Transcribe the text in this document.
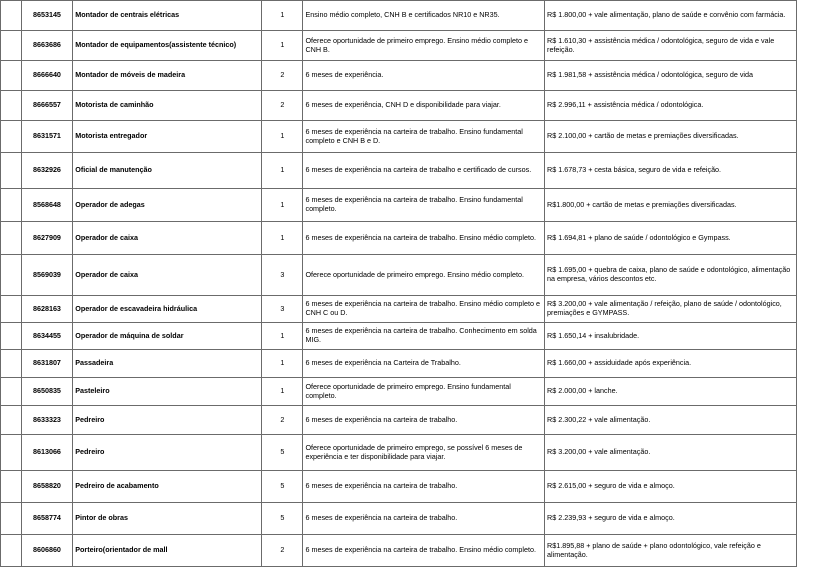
	8653145	Montador de centrais elétricas	1	Ensino médio completo, CNH B e certificados NR10 e NR35.	R$ 1.800,00 + vale alimentação, plano de saúde e convênio com farmácia.
	8663686	Montador de equipamentos(assistente técnico)	1	Oferece oportunidade de primeiro emprego. Ensino médio completo e CNH B.	R$ 1.610,30 + assistência médica / odontológica, seguro de vida e vale refeição.
	8666640	Montador de móveis de madeira	2	6 meses de experiência.	R$ 1.981,58 + assistência médica / odontológica, seguro de vida
	8666557	Motorista de caminhão	2	6 meses de experiência, CNH D e disponibilidade para viajar.	R$ 2.996,11 + assistência médica / odontológica.
	8631571	Motorista entregador	1	6 meses de experiência na carteira de trabalho. Ensino fundamental completo e CNH B e D.	R$ 2.100,00 + cartão de metas e premiações diversificadas.
	8632926	Oficial de manutenção	1	6 meses de experiência na carteira de trabalho e certificado de cursos.	R$ 1.678,73 + cesta básica, seguro de vida e refeição.
	8568648	Operador de adegas	1	6 meses de experiência na carteira de trabalho. Ensino fundamental completo.	R$1.800,00 + cartão de metas e premiações diversificadas.
	8627909	Operador de caixa	1	6 meses de experiência na carteira de trabalho. Ensino médio completo.	R$ 1.694,81 + plano de saúde / odontológico e Gympass.
	8569039	Operador de caixa	3	Oferece oportunidade de primeiro emprego. Ensino médio completo.	R$ 1.695,00 + quebra de caixa, plano de saúde e odontológico, alimentação na empresa, vários descontos etc.
	8628163	Operador de escavadeira hidráulica	3	6 meses de experiência na carteira de trabalho. Ensino médio completo e CNH C ou D.	R$ 3.200,00 + vale alimentação / refeição, plano de saúde / odontológico, premiações e GYMPASS.
	8634455	Operador de máquina de soldar	1	6 meses de experiência na carteira de trabalho. Conhecimento em solda MIG.	R$ 1.650,14 + insalubridade.
	8631807	Passadeira	1	6 meses de experiência na Carteira de Trabalho.	R$ 1.660,00 + assiduidade após experiência.
	8650835	Pasteleiro	1	Oferece oportunidade de primeiro emprego. Ensino fundamental completo.	R$ 2.000,00 + lanche.
	8633323	Pedreiro	2	6 meses de experiência na carteira de trabalho.	R$ 2.300,22 + vale alimentação.
	8613066	Pedreiro	5	Oferece oportunidade de primeiro emprego, se possível 6 meses de experiência e ter disponibilidade para viajar.	R$ 3.200,00 + vale alimentação.
	8658820	Pedreiro de acabamento	5	6 meses de experiência na carteira de trabalho.	R$ 2.615,00 + seguro de vida e almoço.
	8658774	Pintor de obras	5	6 meses de experiência na carteira de trabalho.	R$ 2.239,93 + seguro de vida e almoço.
	8606860	Porteiro(orientador de mall	2	6 meses de experiência na carteira de trabalho. Ensino médio completo.	R$1.895,88 + plano de saúde + plano odontológico, vale refeição e alimentação.
